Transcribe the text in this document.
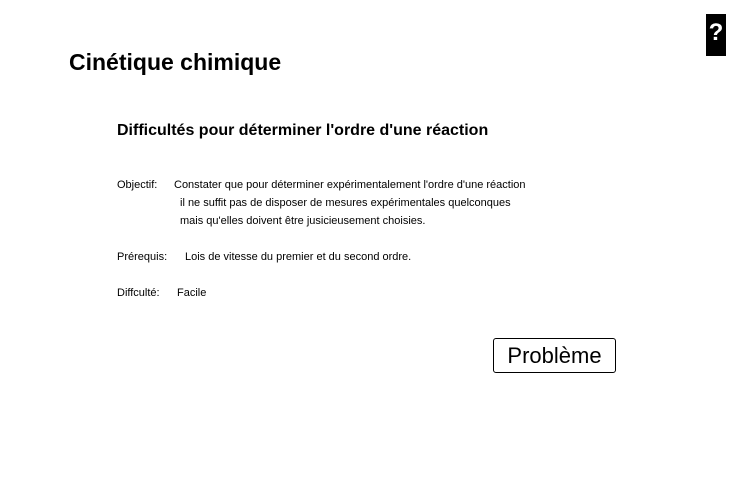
?
Cinétique chimique
Difficultés pour déterminer l'ordre d'une réaction
Objectif: Constater que pour déterminer expérimentalement l'ordre d'une réaction
il ne suffit pas de disposer de mesures expérimentales quelconques
mais qu'elles doivent être jusicieusement choisies.
Prérequis: Lois de vitesse du premier et du second ordre.
Diffculté: Facile
Problème
